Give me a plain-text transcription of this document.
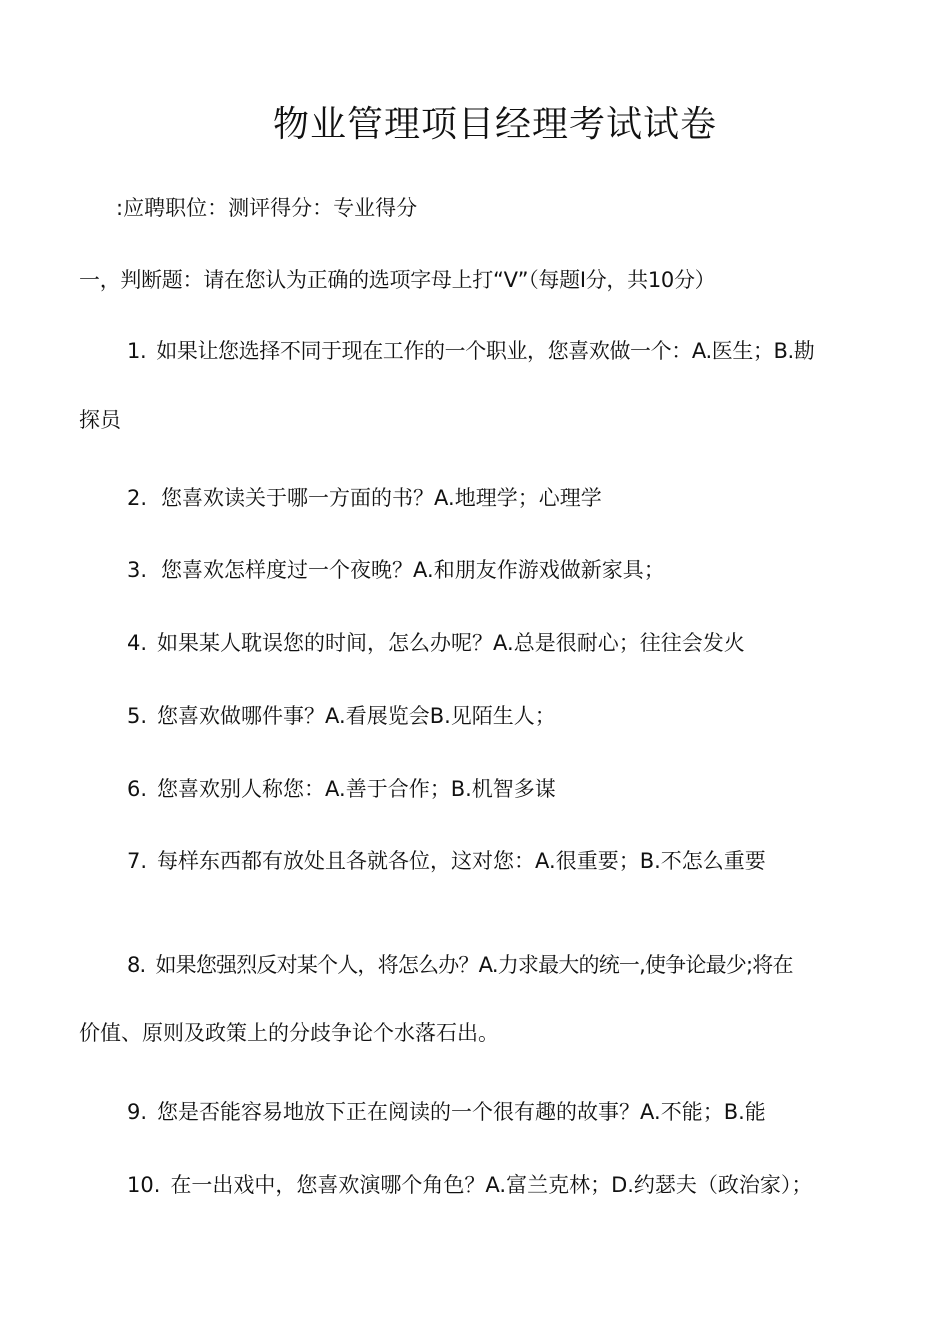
物业管理项目经理考试试卷
:应聘职位：测评得分：专业得分
一，判断题：请在您认为正确的选项字母上打“V”（每题I分，共10分）
1. 如果让您选择不同于现在工作的一个职业，您喜欢做一个：A.医生；B.勘
探员
2. 您喜欢读关于哪一方面的书？A.地理学；心理学
3. 您喜欢怎样度过一个夜晚？A.和朋友作游戏做新家具；
4. 如果某人耽误您的时间，怎么办呢？A.总是很耐心；往往会发火
5. 您喜欢做哪件事？A.看展览会B.见陌生人；
6. 您喜欢别人称您：A.善于合作；B.机智多谋
7. 每样东西都有放处且各就各位，这对您：A.很重要；B.不怎么重要
8. 如果您强烈反对某个人，将怎么办？A.力求最大的统一,使争论最少;将在
价值、原则及政策上的分歧争论个水落石出。
9. 您是否能容易地放下正在阅读的一个很有趣的故事？A.不能；B.能
10. 在一出戏中，您喜欢演哪个角色？A.富兰克林；D.约瑟夫（政治家）；
